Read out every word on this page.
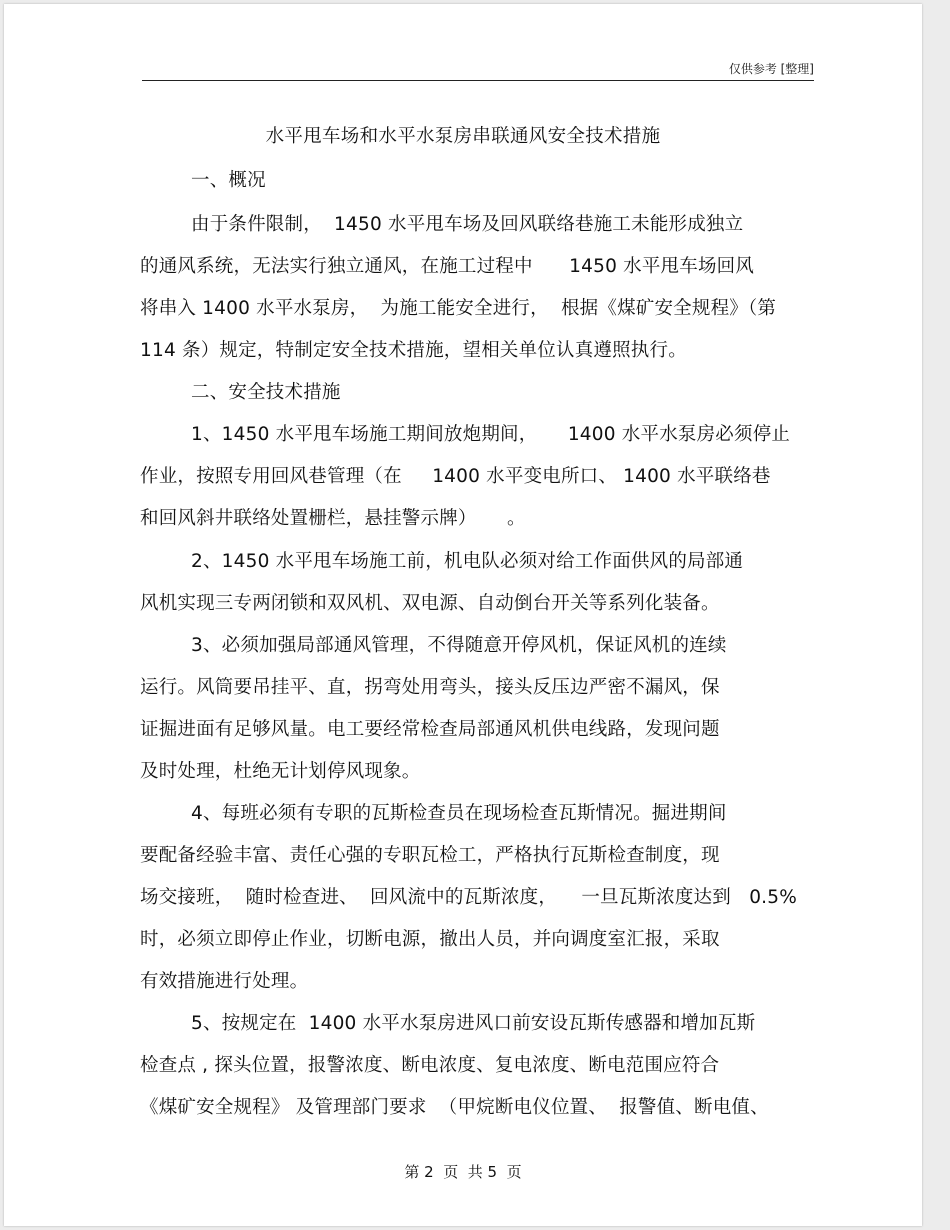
仅供参考 [整理]
水平甩车场和水平水泵房串联通风安全技术措施
一、概况
由于条件限制，  1450 水平甩车场及回风联络巷施工未能形成独立
的通风系统，无法实行独立通风，在施工过程中      1450 水平甩车场回风
将串入 1400 水平水泵房，  为施工能安全进行，  根据《煤矿安全规程》（第
114 条）规定，特制定安全技术措施，望相关单位认真遵照执行。
二、安全技术措施
1、1450 水平甩车场施工期间放炮期间，     1400 水平水泵房必须停止
作业，按照专用回风巷管理（在     1400 水平变电所口、 1400 水平联络巷
和回风斜井联络处置栅栏，悬挂警示牌）     。
2、1450 水平甩车场施工前，机电队必须对给工作面供风的局部通
风机实现三专两闭锁和双风机、双电源、自动倒台开关等系列化装备。
3、必须加强局部通风管理，不得随意开停风机，保证风机的连续
运行。风筒要吊挂平、直，拐弯处用弯头，接头反压边严密不漏风，保
证掘进面有足够风量。电工要经常检查局部通风机供电线路，发现问题
及时处理，杜绝无计划停风现象。
4、每班必须有专职的瓦斯检查员在现场检查瓦斯情况。掘进期间
要配备经验丰富、责任心强的专职瓦检工，严格执行瓦斯检查制度，现
场交接班，  随时检查进、  回风流中的瓦斯浓度，    一旦瓦斯浓度达到   0.5%
时，必须立即停止作业，切断电源，撤出人员，并向调度室汇报，采取
有效措施进行处理。
5、按规定在  1400 水平水泵房进风口前安设瓦斯传感器和增加瓦斯
检查点 , 探头位置，报警浓度、断电浓度、复电浓度、断电范围应符合
《煤矿安全规程》 及管理部门要求  （甲烷断电仪位置、  报警值、断电值、
第 2  页  共 5  页
